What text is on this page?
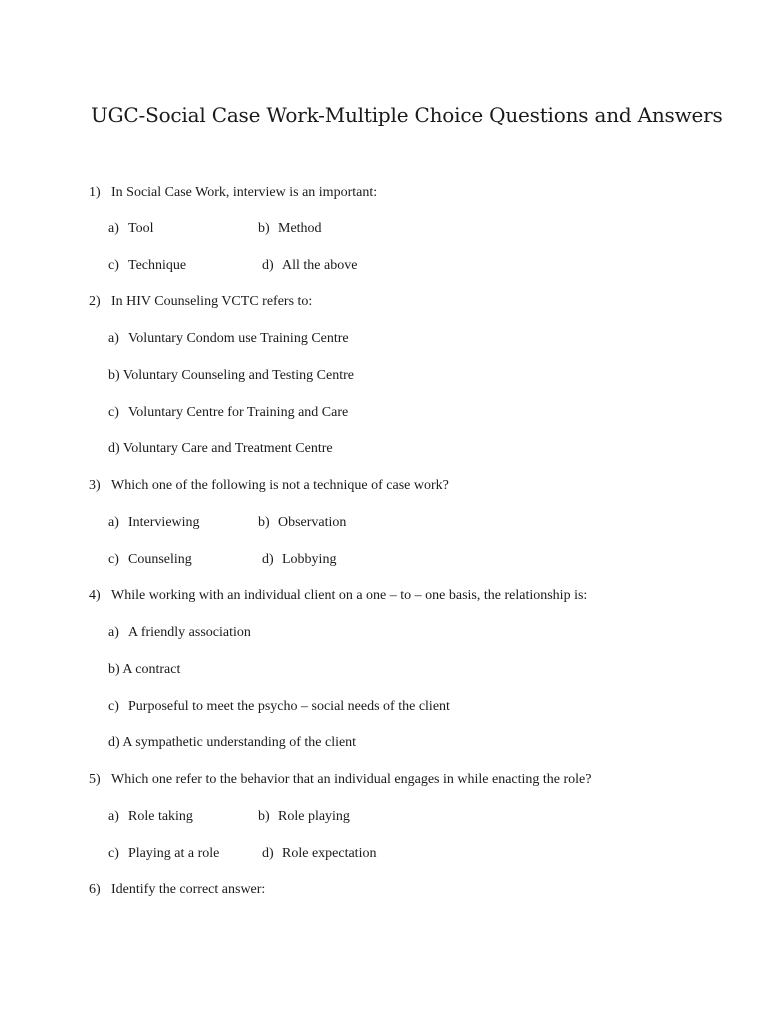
UGC-Social Case Work-Multiple Choice Questions and Answers
1) In Social Case Work, interview is an important:
a) Tool	b) Method
c) Technique	d) All the above
2) In HIV Counseling VCTC refers to:
a) Voluntary Condom use Training Centre
b) Voluntary Counseling and Testing Centre
c) Voluntary Centre for Training and Care
d) Voluntary Care and Treatment Centre
3) Which one of the following is not a technique of case work?
a) Interviewing	b) Observation
c) Counseling	d) Lobbying
4) While working with an individual client on a one – to – one basis, the relationship is:
a) A friendly association
b) A contract
c) Purposeful to meet the psycho – social needs of the client
d) A sympathetic understanding of the client
5) Which one refer to the behavior that an individual engages in while enacting the role?
a) Role taking	b) Role playing
c) Playing at a role	d) Role expectation
6) Identify the correct answer:
